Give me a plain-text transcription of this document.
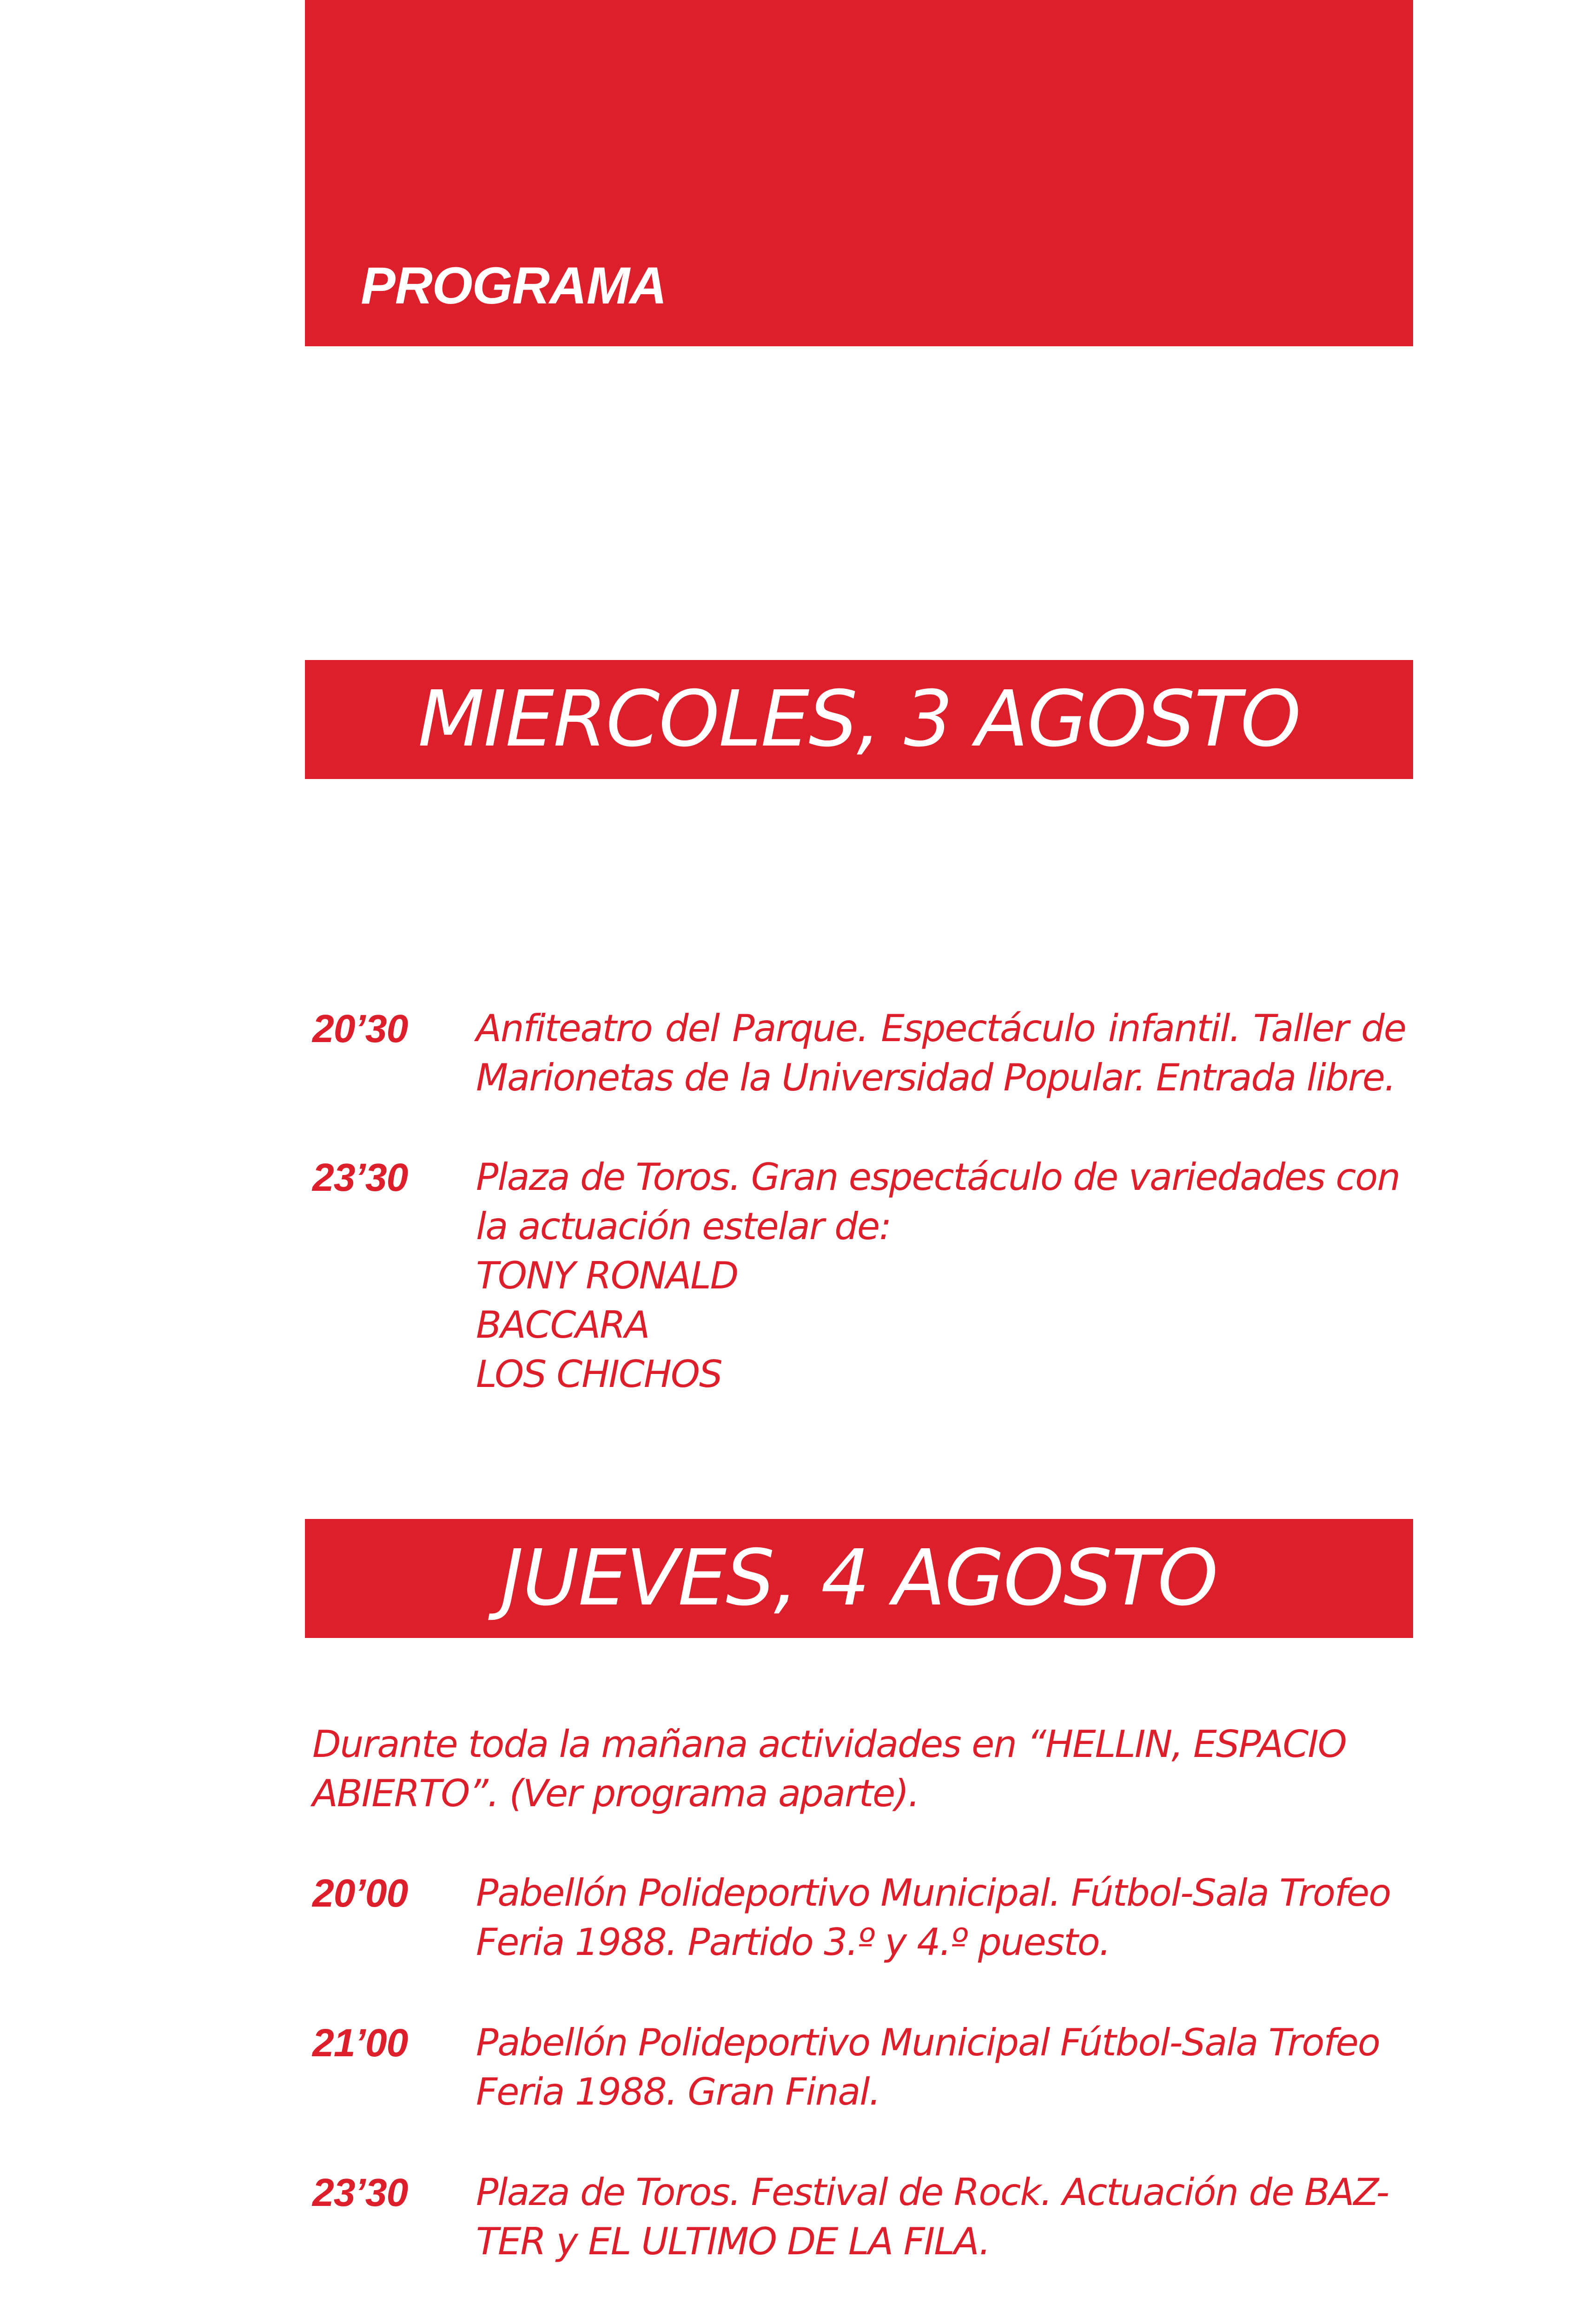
PROGRAMA
MIERCOLES, 3 AGOSTO
20’30 Anfiteatro del Parque. Espectáculo infantil. Taller de
Marionetas de la Universidad Popular. Entrada libre.
23’30 Plaza de Toros. Gran espectáculo de variedades con
la actuación estelar de:
TONY RONALD
BACCARA
LOS CHICHOS
JUEVES, 4 AGOSTO
Durante toda la mañana actividades en “HELLIN, ESPACIO
ABIERTO”. (Ver programa aparte).
20’00 Pabellón Polideportivo Municipal. Fútbol-Sala Trofeo
Feria 1988. Partido 3.º y 4.º puesto.
21’00 Pabellón Polideportivo Municipal Fútbol-Sala Trofeo
Feria 1988. Gran Final.
23’30 Plaza de Toros. Festival de Rock. Actuación de BAZ-
TER y EL ULTIMO DE LA FILA.
